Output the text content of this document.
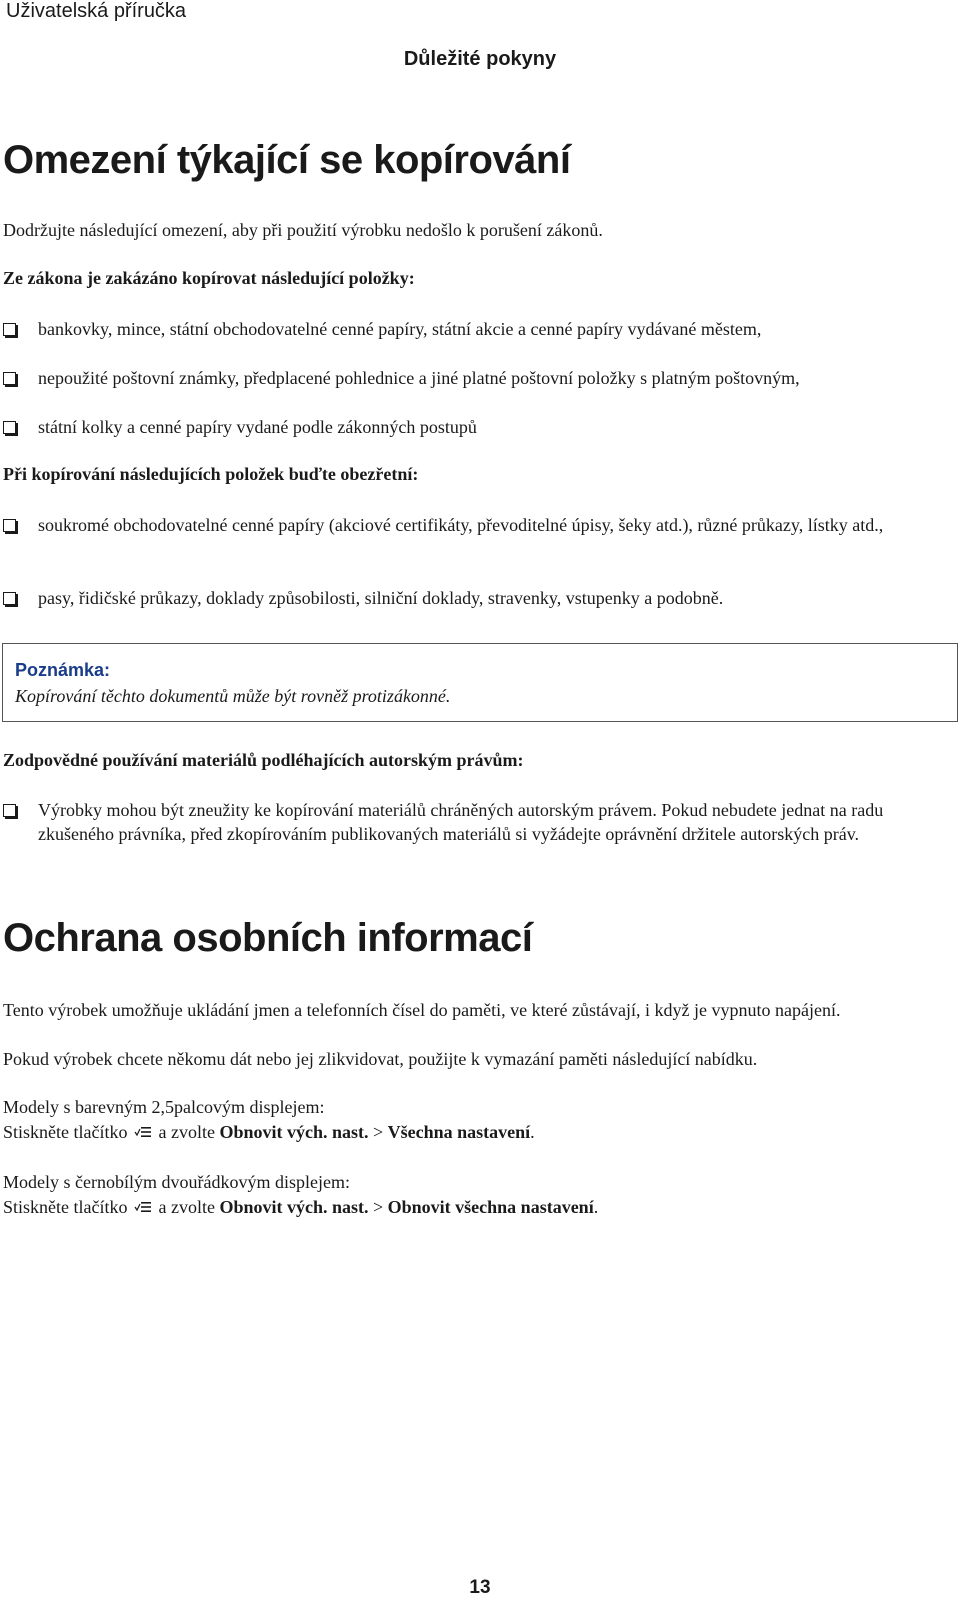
Uživatelská příručka
Důležité pokyny
Omezení týkající se kopírování
Dodržujte následující omezení, aby při použití výrobku nedošlo k porušení zákonů.
Ze zákona je zakázáno kopírovat následující položky:
bankovky, mince, státní obchodovatelné cenné papíry, státní akcie a cenné papíry vydávané městem,
nepoužité poštovní známky, předplacené pohlednice a jiné platné poštovní položky s platným poštovným,
státní kolky a cenné papíry vydané podle zákonných postupů
Při kopírování následujících položek buďte obezřetní:
soukromé obchodovatelné cenné papíry (akciové certifikáty, převoditelné úpisy, šeky atd.), různé průkazy, lístky atd.,
pasy, řidičské průkazy, doklady způsobilosti, silniční doklady, stravenky, vstupenky a podobně.
Poznámka:
Kopírování těchto dokumentů může být rovněž protizákonné.
Zodpovědné používání materiálů podléhajících autorským právům:
Výrobky mohou být zneužity ke kopírování materiálů chráněných autorským právem. Pokud nebudete jednat na radu zkušeného právníka, před zkopírováním publikovaných materiálů si vyžádejte oprávnění držitele autorských práv.
Ochrana osobních informací
Tento výrobek umožňuje ukládání jmen a telefonních čísel do paměti, ve které zůstávají, i když je vypnuto napájení.
Pokud výrobek chcete někomu dát nebo jej zlikvidovat, použijte k vymazání paměti následující nabídku.
Modely s barevným 2,5palcovým displejem:
Stiskněte tlačítko a zvolte Obnovit vých. nast. > Všechna nastavení.
Modely s černobílým dvouřádkovým displejem:
Stiskněte tlačítko a zvolte Obnovit vých. nast. > Obnovit všechna nastavení.
13
